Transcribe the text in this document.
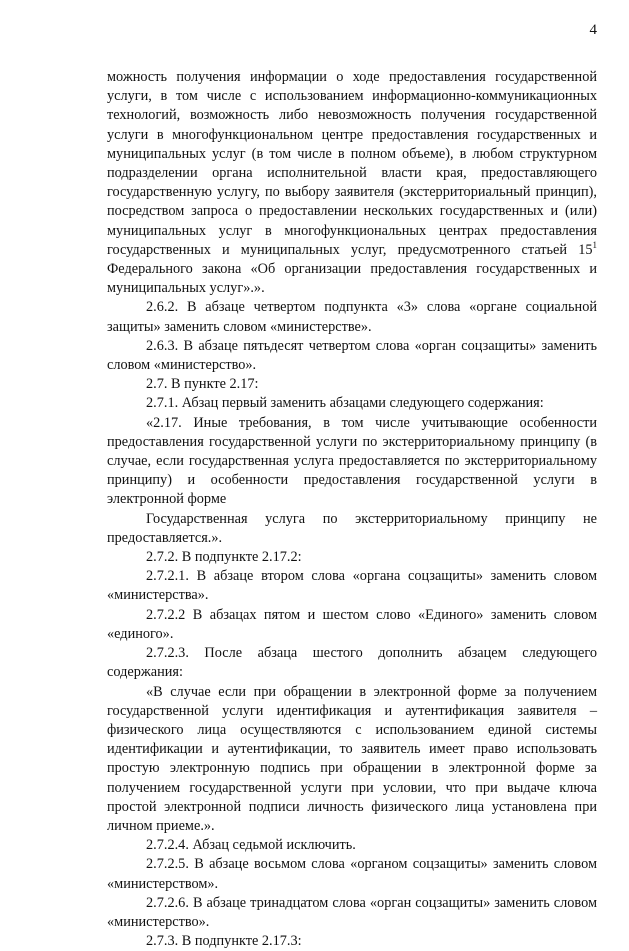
4

можность получения информации о ходе предоставления государственной услуги, в том числе с использованием информационно-коммуникационных технологий, возможность либо невозможность получения государственной услуги в многофункциональном центре предоставления государственных и муниципальных услуг (в том числе в полном объеме), в любом структурном подразделении органа исполнительной власти края, предоставляющего государственную услугу, по выбору заявителя (экстерриториальный принцип), посредством запроса о предоставлении нескольких государственных и (или) муниципальных услуг в многофункциональных центрах предоставления государственных и муниципальных услуг, предусмотренного статьей $15^1$ Федерального закона «Об организации предоставления государственных и муниципальных услуг».».

2.6.2. В абзаце четвертом подпункта «3» слова «органе социальной защиты» заменить словом «министерстве».

2.6.3. В абзаце пятьдесят четвертом слова «орган соцзащиты» заменить словом «министерство».

2.7. В пункте 2.17:

2.7.1. Абзац первый заменить абзацами следующего содержания:

«2.17. Иные требования, в том числе учитывающие особенности предоставления государственной услуги по экстерриториальному принципу (в случае, если государственная услуга предоставляется по экстерриториальному принципу) и особенности предоставления государственной услуги в электронной форме

Государственная услуга по экстерриториальному принципу не предоставляется.».

2.7.2. В подпункте 2.17.2:

2.7.2.1. В абзаце втором слова «органа соцзащиты» заменить словом «министерства».

2.7.2.2 В абзацах пятом и шестом слово «Единого» заменить словом «единого».

2.7.2.3. После абзаца шестого дополнить абзацем следующего содержания:

«В случае если при обращении в электронной форме за получением государственной услуги идентификация и аутентификация заявителя – физического лица осуществляются с использованием единой системы идентификации и аутентификации, то заявитель имеет право использовать простую электронную подпись при обращении в электронной форме за получением государственной услуги при условии, что при выдаче ключа простой электронной подписи личность физического лица установлена при личном приеме.».

2.7.2.4. Абзац седьмой исключить.

2.7.2.5. В абзаце восьмом слова «органом соцзащиты» заменить словом «министерством».

2.7.2.6. В абзаце тринадцатом слова «орган соцзащиты» заменить словом «министерство».

2.7.3. В подпункте 2.17.3:
